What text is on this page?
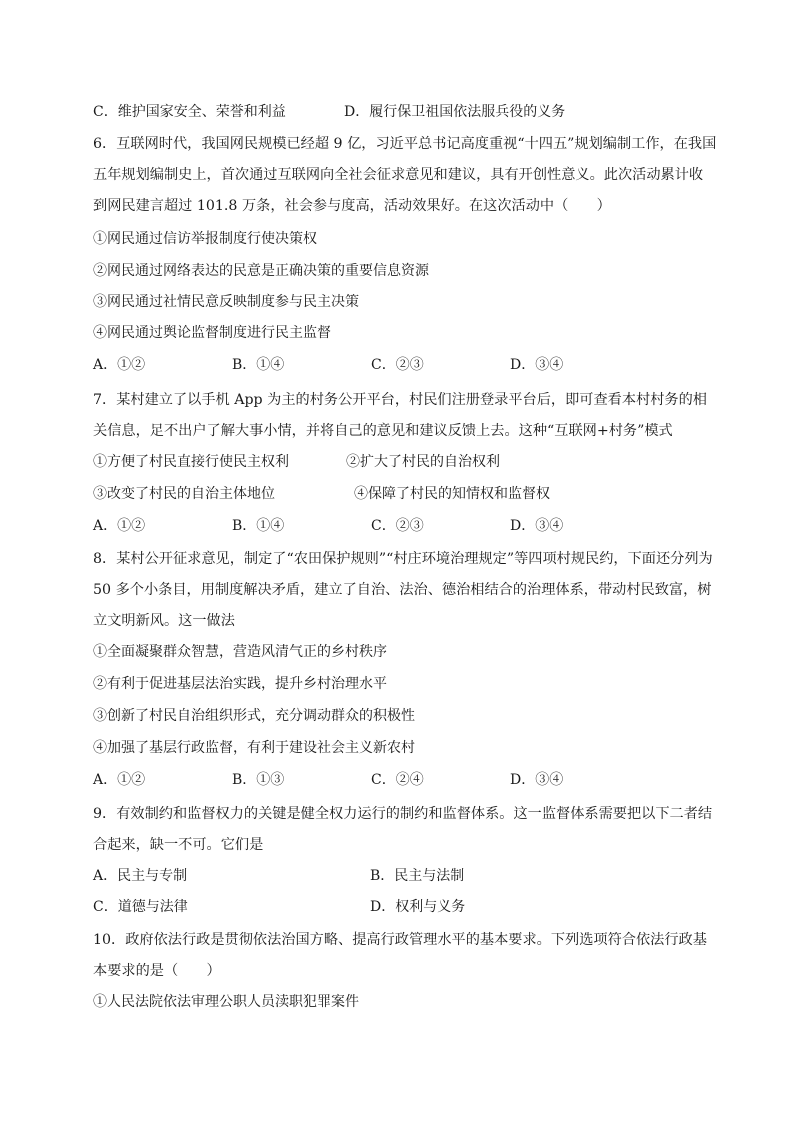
C．维护国家安全、荣誉和利益	D．履行保卫祖国依法服兵役的义务
6．互联网时代，我国网民规模已经超 9 亿，习近平总书记高度重视“十四五”规划编制工作，在我国
五年规划编制史上，首次通过互联网向全社会征求意见和建议，具有开创性意义。此次活动累计收
到网民建言超过 101.8 万条，社会参与度高，活动效果好。在这次活动中（　　）
①网民通过信访举报制度行使决策权
②网民通过网络表达的民意是正确决策的重要信息资源
③网民通过社情民意反映制度参与民主决策
④网民通过舆论监督制度进行民主监督
A．①②	B．①④	C．②③	D．③④
7．某村建立了以手机 App 为主的村务公开平台，村民们注册登录平台后，即可查看本村村务的相
关信息，足不出户了解大事小情，并将自己的意见和建议反馈上去。这种“互联网+村务”模式
①方便了村民直接行使民主权利	②扩大了村民的自治权利
③改变了村民的自治主体地位	④保障了村民的知情权和监督权
A．①②	B．①④	C．②③	D．③④
8．某村公开征求意见，制定了“农田保护规则”“村庄环境治理规定”等四项村规民约，下面还分列为
50 多个小条目，用制度解决矛盾，建立了自治、法治、德治相结合的治理体系，带动村民致富，树
立文明新风。这一做法
①全面凝聚群众智慧，营造风清气正的乡村秩序
②有利于促进基层法治实践，提升乡村治理水平
③创新了村民自治组织形式，充分调动群众的积极性
④加强了基层行政监督，有利于建设社会主义新农村
A．①②	B．①③	C．②④	D．③④
9．有效制约和监督权力的关键是健全权力运行的制约和监督体系。这一监督体系需要把以下二者结
合起来，缺一不可。它们是
A．民主与专制	B．民主与法制
C．道德与法律	D．权利与义务
10．政府依法行政是贯彻依法治国方略、提高行政管理水平的基本要求。下列选项符合依法行政基
本要求的是（　　）
①人民法院依法审理公职人员渎职犯罪案件
